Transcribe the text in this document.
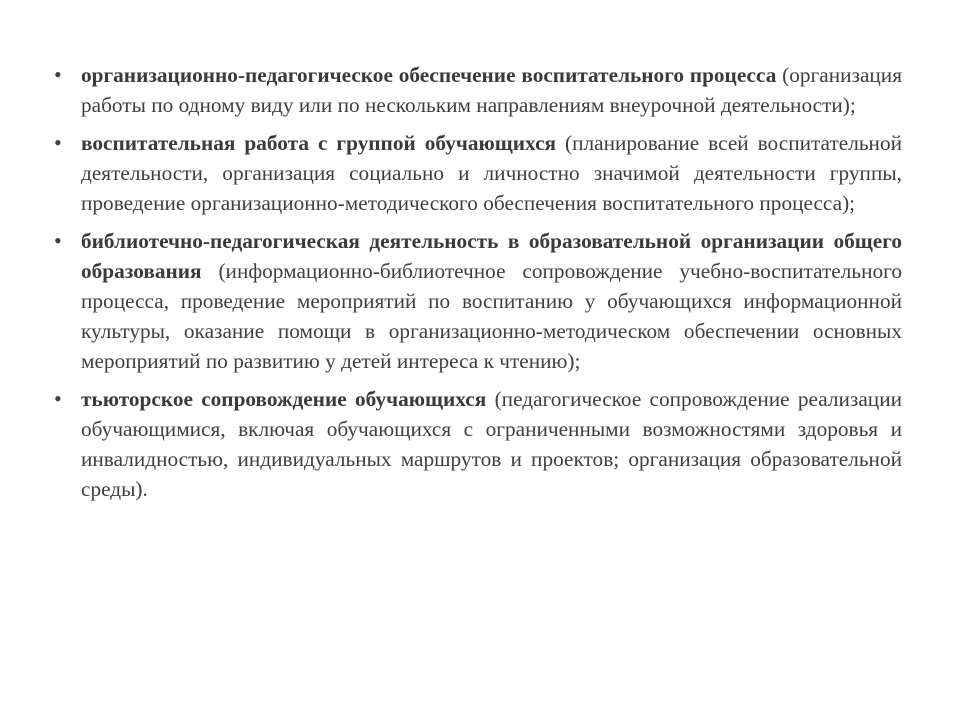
• организационно-педагогическое обеспечение воспитательного процесса (организация работы по одному виду или по нескольким направлениям внеурочной деятельности);
• воспитательная работа с группой обучающихся (планирование всей воспитательной деятельности, организация социально и личностно значимой деятельности группы, проведение организационно-методического обеспечения воспитательного процесса);
• библиотечно-педагогическая деятельность в образовательной организации общего образования (информационно-библиотечное сопровождение учебно-воспитательного процесса, проведение мероприятий по воспитанию у обучающихся информационной культуры, оказание помощи в организационно-методическом обеспечении основных мероприятий по развитию у детей интереса к чтению);
• тьюторское сопровождение обучающихся (педагогическое сопровождение реализации обучающимися, включая обучающихся с ограниченными возможностями здоровья и инвалидностью, индивидуальных маршрутов и проектов; организация образовательной среды).
